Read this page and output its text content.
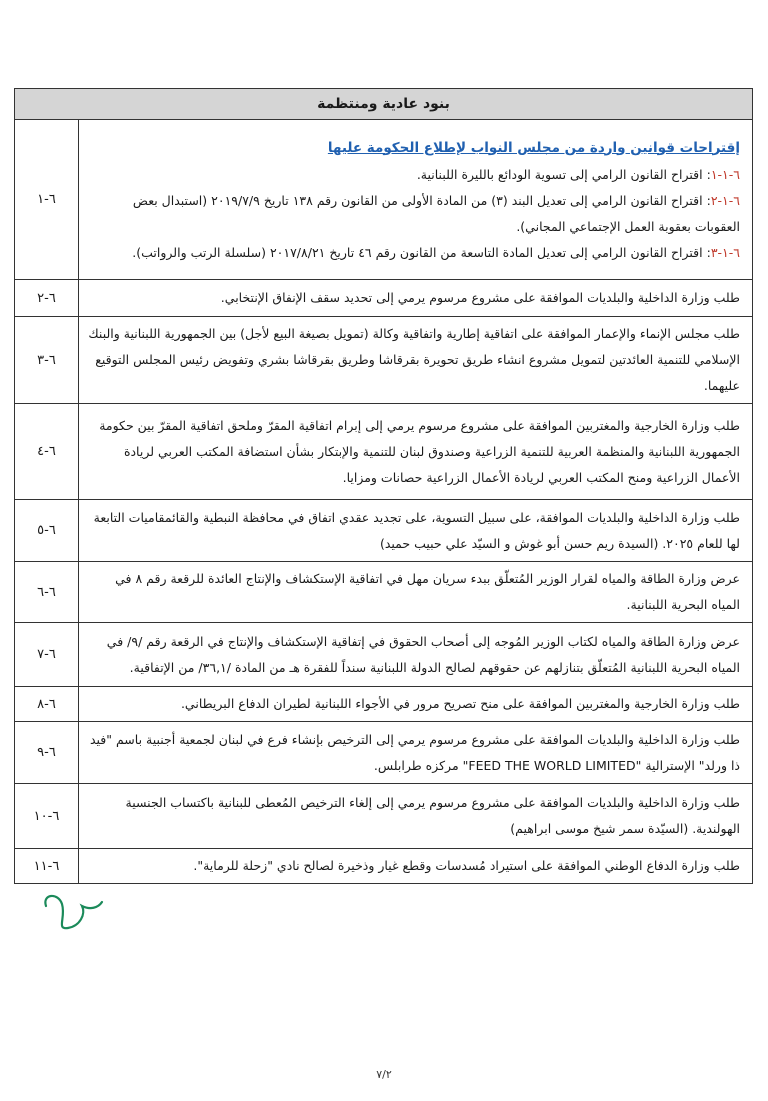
بنود عادية ومنتظمة	

إقتراحات قوانين واردة من مجلس النواب لإطلاع الحكومة عليها

٦-١-١: اقتراح القانون الرامي إلى تسوية الودائع بالليرة اللبنانية.

٦-١-٢: اقتراح القانون الرامي إلى تعديل البند (٣) من المادة الأولى من القانون رقم ١٣٨ تاريخ ٢٠١٩/٧/٩ (استبدال بعض العقوبات بعقوبة العمل الإجتماعي المجاني).

٦-١-٣: اقتراح القانون الرامي إلى تعديل المادة التاسعة من القانون رقم ٤٦ تاريخ ٢٠١٧/٨/٢١ (سلسلة الرتب والرواتب).	٦-١
طلب وزارة الداخلية والبلديات الموافقة على مشروع مرسوم يرمي إلى تحديد سقف الإنفاق الإنتخابي.	٦-٢
طلب مجلس الإنماء والإعمار الموافقة على اتفاقية إطارية واتفاقية وكالة (تمويل بصيغة البيع لأجل) بين الجمهورية اللبنانية والبنك الإسلامي للتنمية العائدتين لتمويل مشروع انشاء طريق تحويرة بقرقاشا وطريق بقرقاشا بشري وتفويض رئيس المجلس التوقيع عليهما.	٦-٣
طلب وزارة الخارجية والمغتربين الموافقة على مشروع مرسوم يرمي إلى إبرام اتفاقية المقرّ وملحق اتفاقية المقرّ بين حكومة الجمهورية اللبنانية والمنظمة العربية للتنمية الزراعية وصندوق لبنان للتنمية والإبتكار بشأن استضافة المكتب العربي لريادة الأعمال الزراعية ومنح المكتب العربي لريادة الأعمال الزراعية حصانات ومزايا.	٦-٤
طلب وزارة الداخلية والبلديات الموافقة، على سبيل التسوية، على تجديد عقدي اتفاق في محافظة النبطية والقائمقاميات التابعة لها للعام ٢٠٢٥. (السيدة ريم حسن أبو غوش و السيّد علي حبيب حميد)	٦-٥
عرض وزارة الطاقة والمياه لقرار الوزير المُتعلّق ببدء سريان مهل في اتفاقية الإستكشاف والإنتاج العائدة للرقعة رقم ٨ في المياه البحرية اللبنانية.	٦-٦
عرض وزارة الطاقة والمياه لكتاب الوزير المُوجه إلى أصحاب الحقوق في إتفاقية الإستكشاف والإنتاج في الرقعة رقم /٩/ في المياه البحرية اللبنانية المُتعلّق بتنازلهم عن حقوقهم لصالح الدولة اللبنانية سنداً للفقرة هـ من المادة /٣٦,١/ من الإتفاقية.	٦-٧
طلب وزارة الخارجية والمغتربين الموافقة على منح تصريح مرور في الأجواء اللبنانية لطيران الدفاع البريطاني.	٦-٨
طلب وزارة الداخلية والبلديات الموافقة على مشروع مرسوم يرمي إلى الترخيص بإنشاء فرع في لبنان لجمعية أجنبية باسم "فيد ذا ورلد" الإسترالية "FEED THE WORLD LIMITED" مركزه طرابلس.	٦-٩
طلب وزارة الداخلية والبلديات الموافقة على مشروع مرسوم يرمي إلى إلغاء الترخيص المُعطى للبنانية باكتساب الجنسية الهولندية. (السيّدة سمر شيخ موسى ابراهيم)	٦-١٠
طلب وزارة الدفاع الوطني الموافقة على استيراد مُسدسات وقطع غيار وذخيرة لصالح نادي "زحلة للرماية".	٦-١١
٧/٢
